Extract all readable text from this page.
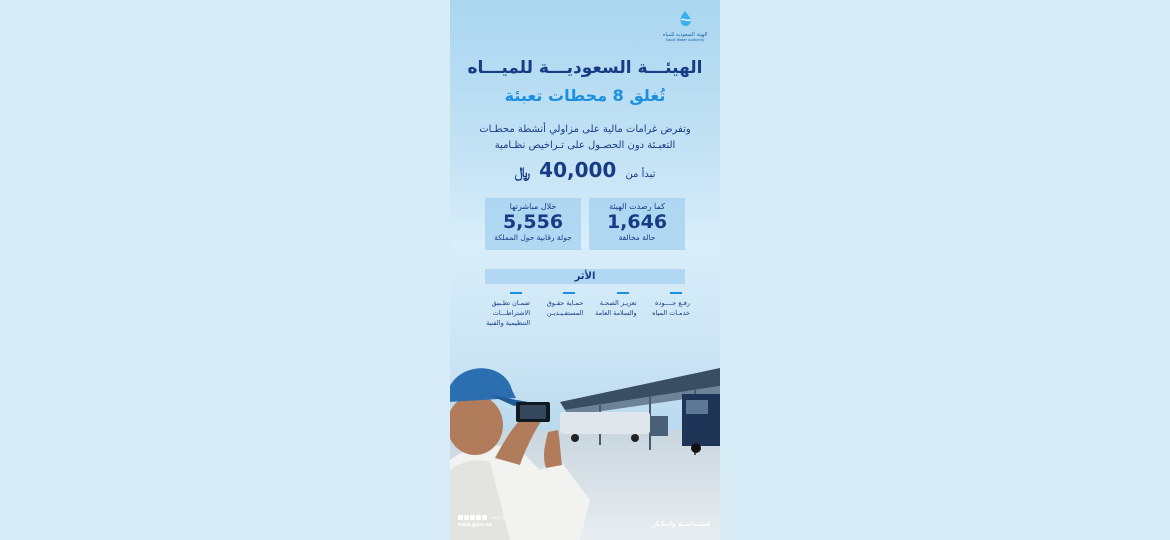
الهيئة السعودية للمياه
Saudi Water Authority
الهيئـــة السعوديـــة للميـــاه
تُغلق 8 محطات تعبئة
وتفرض غرامات مالية على مزاولي أنشطة محطـات التعبـئة دون الحصـول على تـراخيص نظـامية
تبدأ من 40,000 ﷼
كما رصدت الهيئة
1,646
حالة مخالفة
خلال مباشرتها
5,556
جولة رقابية حول المملكة
الأثر
رفـع جــــودة خدمـات المياه
تعزيـز الصحـة والسلامة العامة
حمـاية حقـوق المستفـيـديـن
ضمـان تطـبيق الاشتراطـــات التنظيمية والفنية
swa_sa
swa.gov.sa	استـدامــة وابتكـار
